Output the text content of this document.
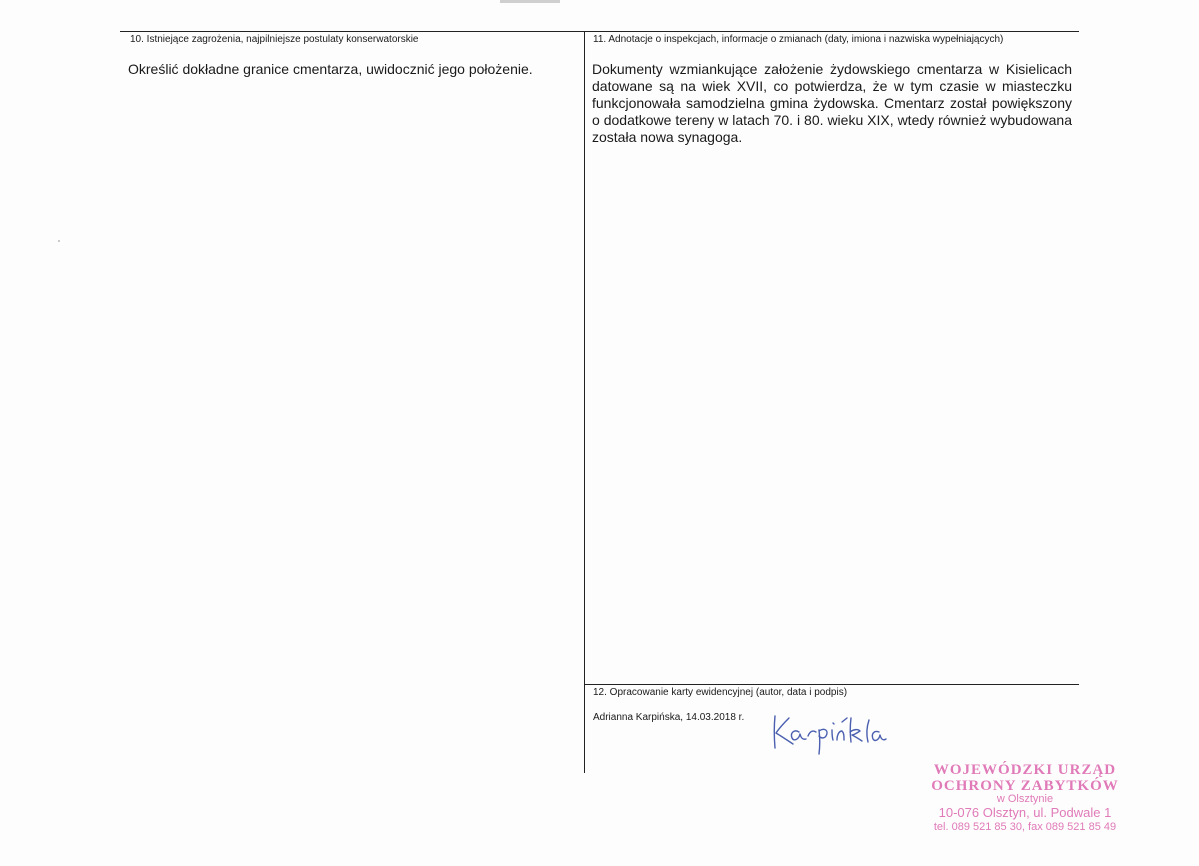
10. Istniejące zagrożenia, najpilniejsze postulaty konserwatorskie
Określić dokładne granice cmentarza, uwidocznić jego położenie.
11. Adnotacje o inspekcjach, informacje o zmianach (daty, imiona i nazwiska wypełniających)
Dokumenty wzmiankujące założenie żydowskiego cmentarza w Kisielicach datowane są na wiek XVII, co potwierdza, że w tym czasie w miasteczku funkcjonowała samodzielna gmina żydowska. Cmentarz został powiększony o dodatkowe tereny w latach 70. i 80. wieku XIX, wtedy również wybudowana została nowa synagoga.
12. Opracowanie karty ewidencyjnej (autor, data i podpis)
Adrianna Karpińska, 14.03.2018 r.
WOJEWÓDZKI URZĄD
OCHRONY ZABYTKÓW
w Olsztynie
10-076 Olsztyn, ul. Podwale 1
tel. 089 521 85 30, fax 089 521 85 49
